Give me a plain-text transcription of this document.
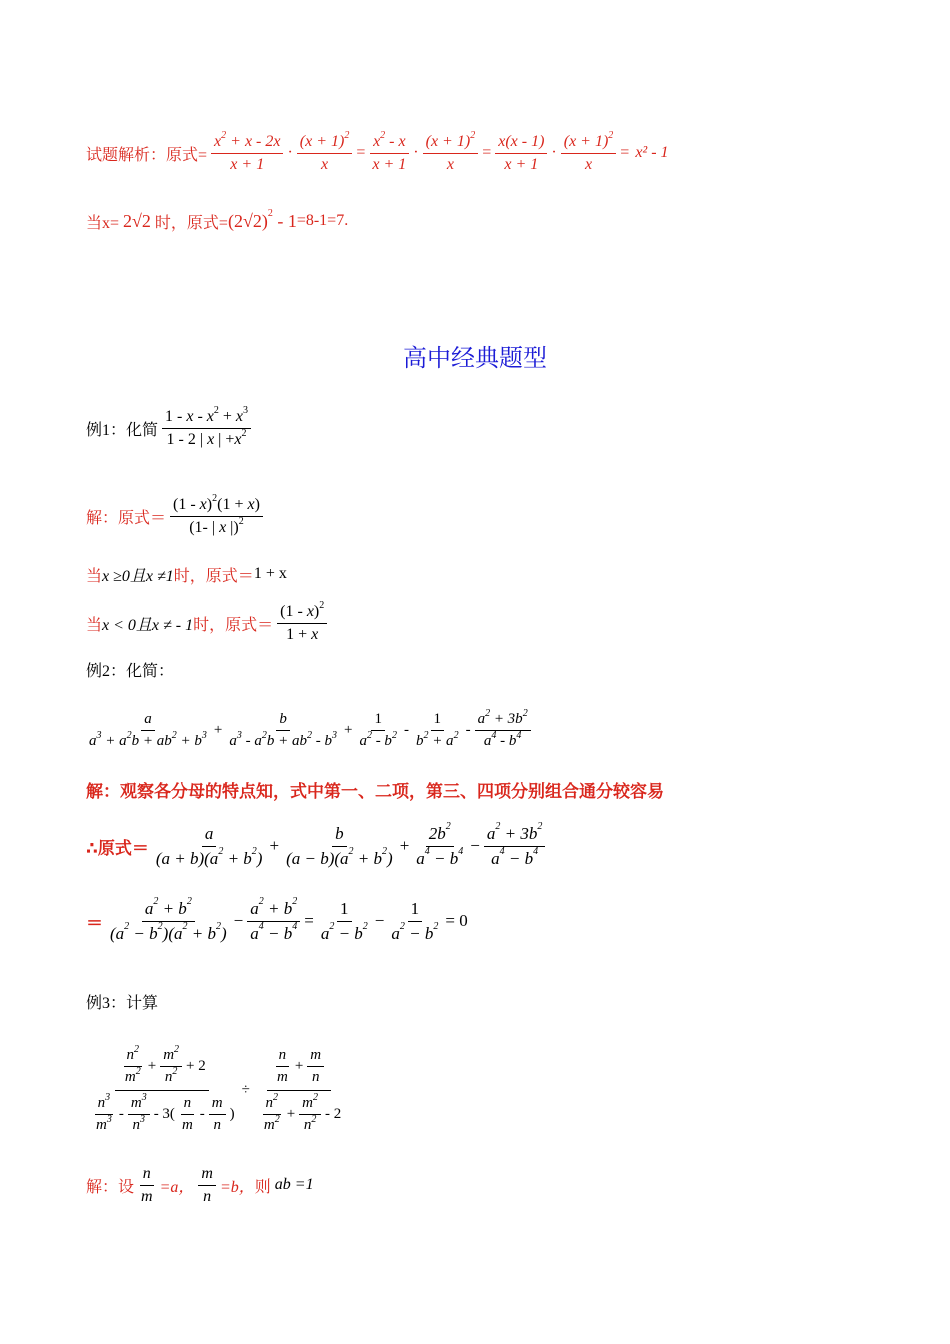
试题解析：原式= $\frac{x^2 + x - 2x}{x + 1} \cdot \frac{(x + 1)^2}{x} = \frac{x^2 - x}{x + 1} \cdot \frac{(x + 1)^2}{x} = \frac{x(x - 1)}{x + 1} \cdot \frac{(x + 1)^2}{x} = x^2 - 1$
当x= 2√2 时，原式= $(2√2)^2 - 1 =8-1=7$.
高中经典题型
例1：化简 $\frac{1 - x - x^2 + x^3}{1 - 2 | x | +x^2}$
解：原式＝ $\frac{(1 - x)^2(1 + x)}{(1- | x |)^2}$
当 x ≥0且x ≠1 时，原式＝ 1 + x
当 x < 0且x ≠ - 1 时，原式＝ $\frac{(1 - x)^2}{1 + x}$
例2：化简：
$\frac{a}{a^3 + a^2b + ab^2 + b^3} + \frac{b}{a^3 - a^2b + ab^2 - b^3} + \frac{1}{a^2 - b^2} - \frac{1}{b^2 + a^2} - \frac{a^2 + 3b^2}{a^4 - b^4}$
解：观察各分母的特点知，式中第一、二项，第三、四项分别组合通分较容易
∴原式＝ $\frac{a}{(a + b)(a^2 + b^2)} + \frac{b}{(a - b)(a^2 + b^2)} + \frac{2b^2}{a^4 - b^4} - \frac{a^2 + 3b^2}{a^4 - b^4}$
＝ $\frac{a^2 + b^2}{(a^2 - b^2)(a^2 + b^2)} - \frac{a^2 + b^2}{a^4 - b^4} = \frac{1}{a^2 - b^2} - \frac{1}{a^2 - b^2} = 0$
例3：计算
$\frac{\frac{n^2}{m^2} + \frac{m^2}{n^2} + 2}{\frac{n^3}{m^3} - \frac{m^3}{n^3} - 3( \frac{n}{m} - \frac{m}{n} )} \div \frac{\frac{n}{m} + \frac{m}{n}}{\frac{n^2}{m^2} + \frac{m^2}{n^2} - 2}$
解：设 $\frac{n}{m} =a$， $\frac{m}{n} =b$， 则 ab =1
